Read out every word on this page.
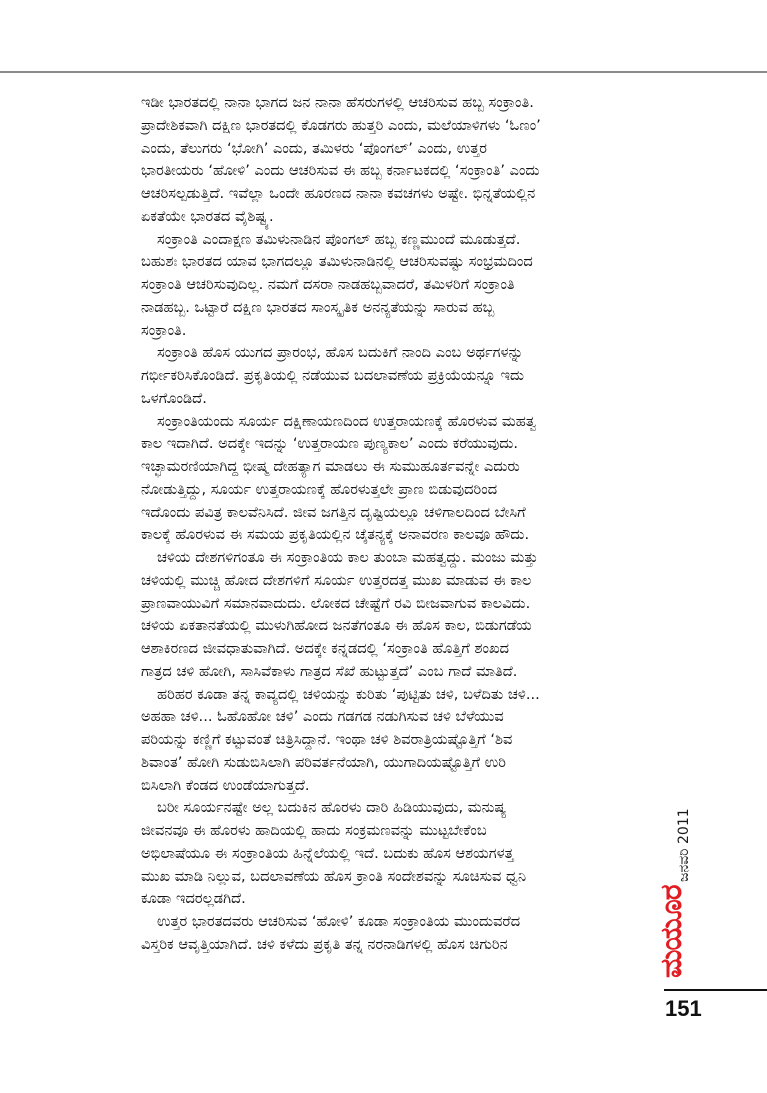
ಇಡೀ ಭಾರತದಲ್ಲಿ ನಾನಾ ಭಾಗದ ಜನ ನಾನಾ ಹೆಸರುಗಳಲ್ಲಿ ಆಚರಿಸುವ ಹಬ್ಬ ಸಂಕ್ರಾಂತಿ.
ಪ್ರಾದೇಶಿಕವಾಗಿ ದಕ್ಷಿಣ ಭಾರತದಲ್ಲಿ ಕೊಡಗರು ಹುತ್ತರಿ ಎಂದು, ಮಲೆಯಾಳಿಗಳು ‘ಓಣಂ’
ಎಂದು, ತೆಲುಗರು ‘ಭೋಗಿ’ ಎಂದು, ತಮಿಳರು ‘ಪೊಂಗಲ್’ ಎಂದು, ಉತ್ತರ
ಭಾರತೀಯರು ‘ಹೋಳಿ’ ಎಂದು ಆಚರಿಸುವ ಈ ಹಬ್ಬ ಕರ್ನಾಟಕದಲ್ಲಿ ‘ಸಂಕ್ರಾಂತಿ’ ಎಂದು
ಆಚರಿಸಲ್ಪಡುತ್ತಿದೆ. ಇವೆಲ್ಲಾ ಒಂದೇ ಹೂರಣದ ನಾನಾ ಕವಚಗಳು ಅಷ್ಟೇ. ಭಿನ್ನತೆಯಲ್ಲಿನ
ಏಕತೆಯೇ ಭಾರತದ ವೈಶಿಷ್ಟ್ಯ.
ಸಂಕ್ರಾಂತಿ ಎಂದಾಕ್ಷಣ ತಮಿಳುನಾಡಿನ ಪೊಂಗಲ್ ಹಬ್ಬ ಕಣ್ಣಮುಂದೆ ಮೂಡುತ್ತದೆ.
ಬಹುಶಃ ಭಾರತದ ಯಾವ ಭಾಗದಲ್ಲೂ ತಮಿಳುನಾಡಿನಲ್ಲಿ ಆಚರಿಸುವಷ್ಟು ಸಂಭ್ರಮದಿಂದ
ಸಂಕ್ರಾಂತಿ ಆಚರಿಸುವುದಿಲ್ಲ. ನಮಗೆ ದಸರಾ ನಾಡಹಬ್ಬವಾದರೆ, ತಮಿಳರಿಗೆ ಸಂಕ್ರಾಂತಿ
ನಾಡಹಬ್ಬ. ಒಟ್ಟಾರೆ ದಕ್ಷಿಣ ಭಾರತದ ಸಾಂಸ್ಕೃತಿಕ ಅನನ್ಯತೆಯನ್ನು ಸಾರುವ ಹಬ್ಬ
ಸಂಕ್ರಾಂತಿ.
ಸಂಕ್ರಾಂತಿ ಹೊಸ ಯುಗದ ಪ್ರಾರಂಭ, ಹೊಸ ಬದುಕಿಗೆ ನಾಂದಿ ಎಂಬ ಅರ್ಥಗಳನ್ನು
ಗರ್ಭೀಕರಿಸಿಕೊಂಡಿದೆ. ಪ್ರಕೃತಿಯಲ್ಲಿ ನಡೆಯುವ ಬದಲಾವಣೆಯ ಪ್ರಕ್ರಿಯೆಯನ್ನೂ ಇದು
ಒಳಗೊಂಡಿದೆ.
ಸಂಕ್ರಾಂತಿಯಂದು ಸೂರ್ಯ ದಕ್ಷಿಣಾಯಣದಿಂದ ಉತ್ತರಾಯಣಕ್ಕೆ ಹೊರಳುವ ಮಹತ್ವ
ಕಾಲ ಇದಾಗಿದೆ. ಅದಕ್ಕೇ ಇದನ್ನು ‘ಉತ್ತರಾಯಣ ಪುಣ್ಯಕಾಲ’ ಎಂದು ಕರೆಯುವುದು.
ಇಚ್ಛಾಮರಣಿಯಾಗಿದ್ದ ಭೀಷ್ಮ ದೇಹತ್ಯಾಗ ಮಾಡಲು ಈ ಸುಮುಹೂರ್ತವನ್ನೇ ಎದುರು
ನೋಡುತ್ತಿದ್ದು, ಸೂರ್ಯ ಉತ್ತರಾಯಣಕ್ಕೆ ಹೊರಳುತ್ತಲೇ ಪ್ರಾಣ ಬಿಡುವುದರಿಂದ
ಇದೊಂದು ಪವಿತ್ರ ಕಾಲವೆನಿಸಿದೆ. ಜೀವ ಜಗತ್ತಿನ ದೃಷ್ಟಿಯಲ್ಲೂ ಚಳಿಗಾಲದಿಂದ ಬೇಸಿಗೆ
ಕಾಲಕ್ಕೆ ಹೊರಳುವ ಈ ಸಮಯ ಪ್ರಕೃತಿಯಲ್ಲಿನ ಚೈತನ್ಯಕ್ಕೆ ಅನಾವರಣ ಕಾಲವೂ ಹೌದು.
ಚಳಿಯ ದೇಶಗಳಿಗಂತೂ ಈ ಸಂಕ್ರಾಂತಿಯ ಕಾಲ ತುಂಬಾ ಮಹತ್ವದ್ದು. ಮಂಜು ಮತ್ತು
ಚಳಿಯಲ್ಲಿ ಮುಚ್ಚಿ ಹೋದ ದೇಶಗಳಿಗೆ ಸೂರ್ಯ ಉತ್ತರದತ್ತ ಮುಖ ಮಾಡುವ ಈ ಕಾಲ
ಪ್ರಾಣವಾಯುವಿಗೆ ಸಮಾನವಾದುದು. ಲೋಕದ ಚೇಷ್ಟೆಗೆ ರವಿ ಬೀಜವಾಗುವ ಕಾಲವಿದು.
ಚಳಿಯ ಏಕತಾನತೆಯಲ್ಲಿ ಮುಳುಗಿಹೋದ ಜನತೆಗಂತೂ ಈ ಹೊಸ ಕಾಲ, ಬಿಡುಗಡೆಯ
ಆಶಾಕಿರಣದ ಜೀವಧಾತುವಾಗಿದೆ. ಅದಕ್ಕೇ ಕನ್ನಡದಲ್ಲಿ ‘ಸಂಕ್ರಾಂತಿ ಹೊತ್ತಿಗೆ ಶಂಖದ
ಗಾತ್ರದ ಚಳಿ ಹೋಗಿ, ಸಾಸಿವೆಕಾಳು ಗಾತ್ರದ ಸೆಖೆ ಹುಟ್ಟುತ್ತದೆ’ ಎಂಬ ಗಾದೆ ಮಾತಿದೆ.
ಹರಿಹರ ಕೂಡಾ ತನ್ನ ಕಾವ್ಯದಲ್ಲಿ ಚಳಿಯನ್ನು ಕುರಿತು ‘ಪುಟ್ಟಿತು ಚಳಿ, ಬಳೆದಿತು ಚಳಿ...
ಅಹಹಾ ಚಳಿ... ಓಹೊಹೋ ಚಳಿ’ ಎಂದು ಗಡಗಡ ನಡುಗಿಸುವ ಚಳಿ ಬೆಳೆಯುವ
ಪರಿಯನ್ನು ಕಣ್ಣಿಗೆ ಕಟ್ಟುವಂತೆ ಚಿತ್ರಿಸಿದ್ದಾನೆ. ಇಂಥಾ ಚಳಿ ಶಿವರಾತ್ರಿಯಷ್ಟೊತ್ತಿಗೆ ‘ಶಿವ
ಶಿವಾಂತ’ ಹೋಗಿ ಸುಡುಬಿಸಿಲಾಗಿ ಪರಿವರ್ತನೆಯಾಗಿ, ಯುಗಾದಿಯಷ್ಟೊತ್ತಿಗೆ ಉರಿ
ಬಿಸಿಲಾಗಿ ಕೆಂಡದ ಉಂಡೆಯಾಗುತ್ತದೆ.
ಬರೀ ಸೂರ್ಯನಷ್ಟೇ ಅಲ್ಲ ಬದುಕಿನ ಹೊರಳು ದಾರಿ ಹಿಡಿಯುವುದು, ಮನುಷ್ಯ
ಜೀವನವೂ ಈ ಹೊರಳು ಹಾದಿಯಲ್ಲಿ ಹಾದು ಸಂಕ್ರಮಣವನ್ನು ಮುಟ್ಟಬೇಕೆಂಬ
ಅಭಿಲಾಷೆಯೂ ಈ ಸಂಕ್ರಾಂತಿಯ ಹಿನ್ನೆಲೆಯಲ್ಲಿ ಇದೆ. ಬದುಕು ಹೊಸ ಆಶಯಗಳತ್ತ
ಮುಖ ಮಾಡಿ ನಿಲ್ಲುವ, ಬದಲಾವಣೆಯ ಹೊಸ ಕ್ರಾಂತಿ ಸಂದೇಶವನ್ನು ಸೂಚಿಸುವ ಧ್ವನಿ
ಕೂಡಾ ಇದರಲ್ಲಡಗಿದೆ.
ಉತ್ತರ ಭಾರತದವರು ಆಚರಿಸುವ ‘ಹೋಳಿ’ ಕೂಡಾ ಸಂಕ್ರಾಂತಿಯ ಮುಂದುವರೆದ
ವಿಸ್ತರಿಕ ಆವೃತ್ತಿಯಾಗಿದೆ. ಚಳಿ ಕಳೆದು ಪ್ರಕೃತಿ ತನ್ನ ನರನಾಡಿಗಳಲ್ಲಿ ಹೊಸ ಚಿಗುರಿನ
ಜನವರಿ 2011
ಮಯೂರ
151
